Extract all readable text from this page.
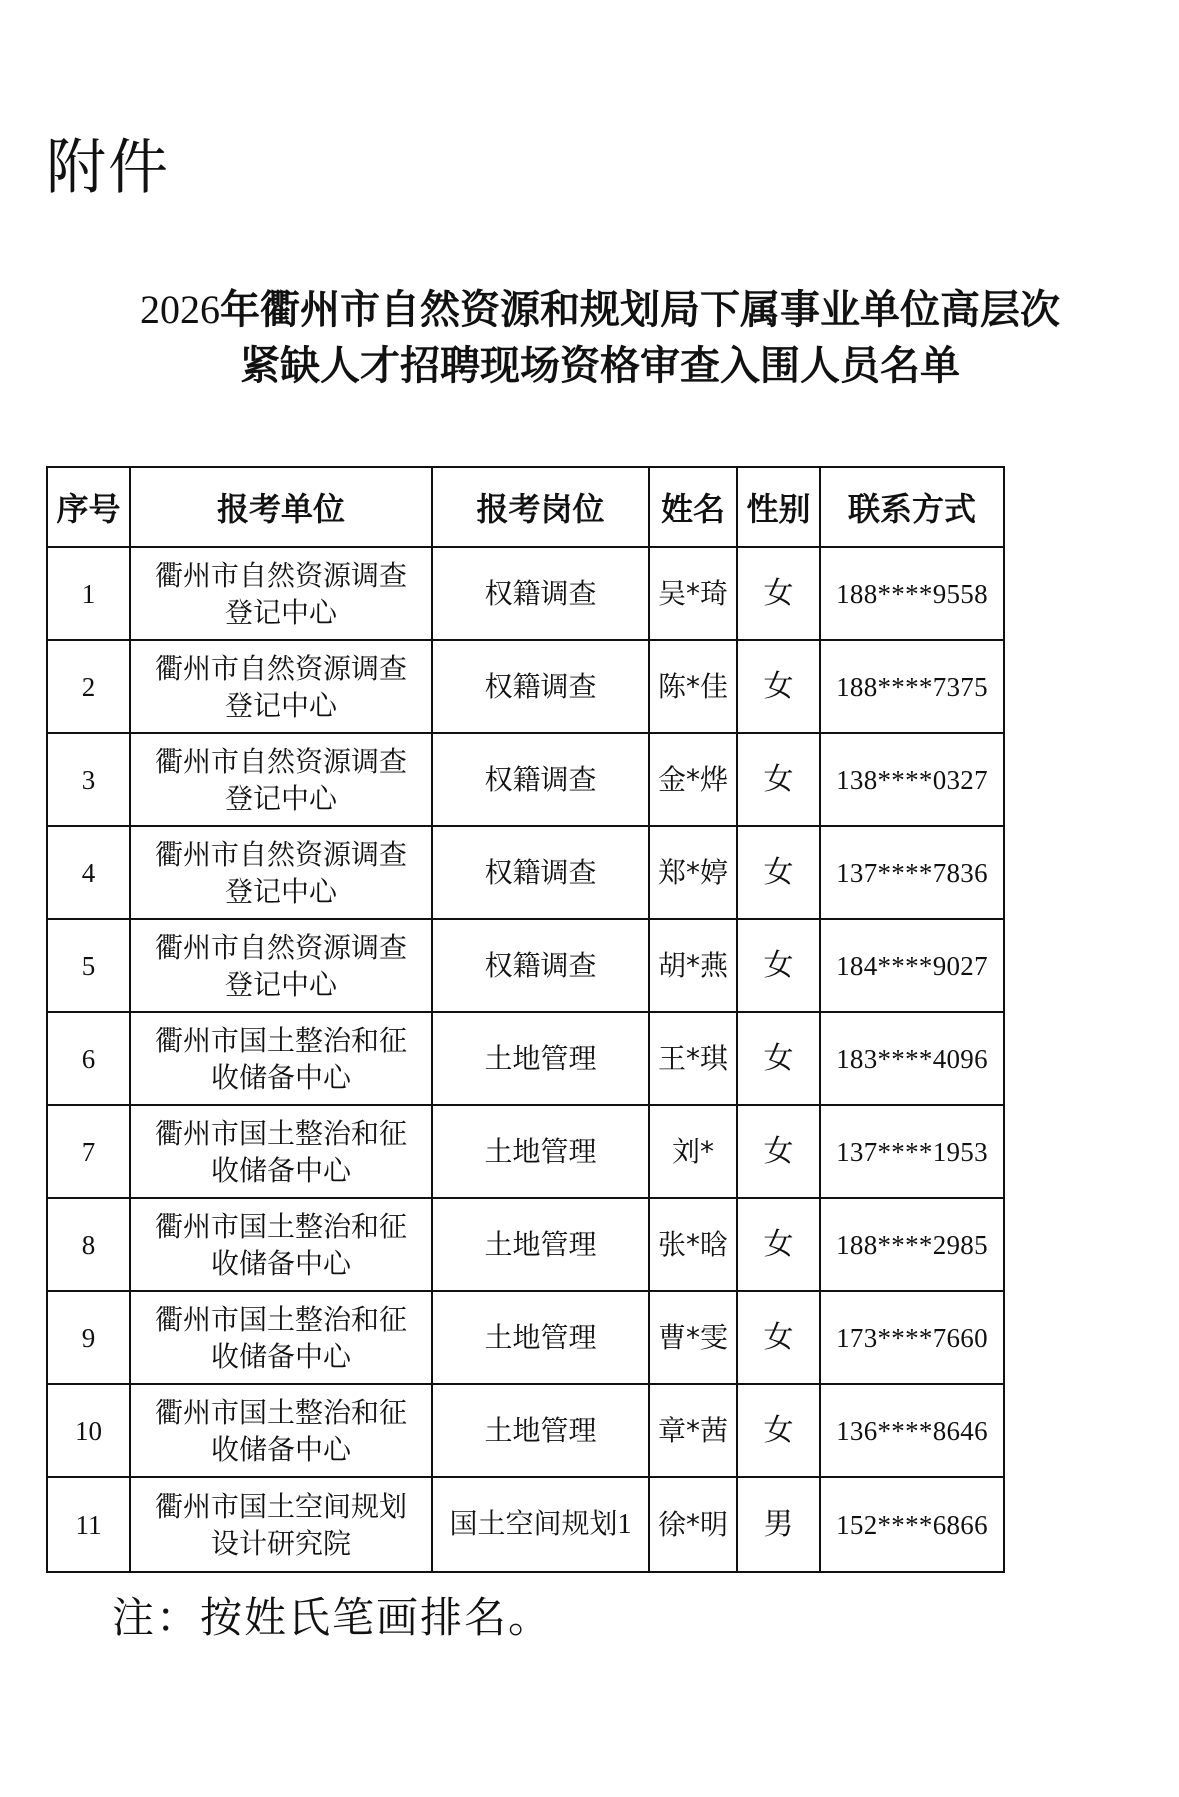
附件
2026年衢州市自然资源和规划局下属事业单位高层次
紧缺人才招聘现场资格审查入围人员名单
序号	报考单位	报考岗位	姓名	性别	联系方式
1	衢州市自然资源调查
登记中心	权籍调查	吴*琦	女	188****9558
2	衢州市自然资源调查
登记中心	权籍调查	陈*佳	女	188****7375
3	衢州市自然资源调查
登记中心	权籍调查	金*烨	女	138****0327
4	衢州市自然资源调查
登记中心	权籍调查	郑*婷	女	137****7836
5	衢州市自然资源调查
登记中心	权籍调查	胡*燕	女	184****9027
6	衢州市国土整治和征
收储备中心	土地管理	王*琪	女	183****4096
7	衢州市国土整治和征
收储备中心	土地管理	刘*	女	137****1953
8	衢州市国土整治和征
收储备中心	土地管理	张*晗	女	188****2985
9	衢州市国土整治和征
收储备中心	土地管理	曹*雯	女	173****7660
10	衢州市国土整治和征
收储备中心	土地管理	章*茜	女	136****8646
11	衢州市国土空间规划
设计研究院	国土空间规划1	徐*明	男	152****6866
注：按姓氏笔画排名。
